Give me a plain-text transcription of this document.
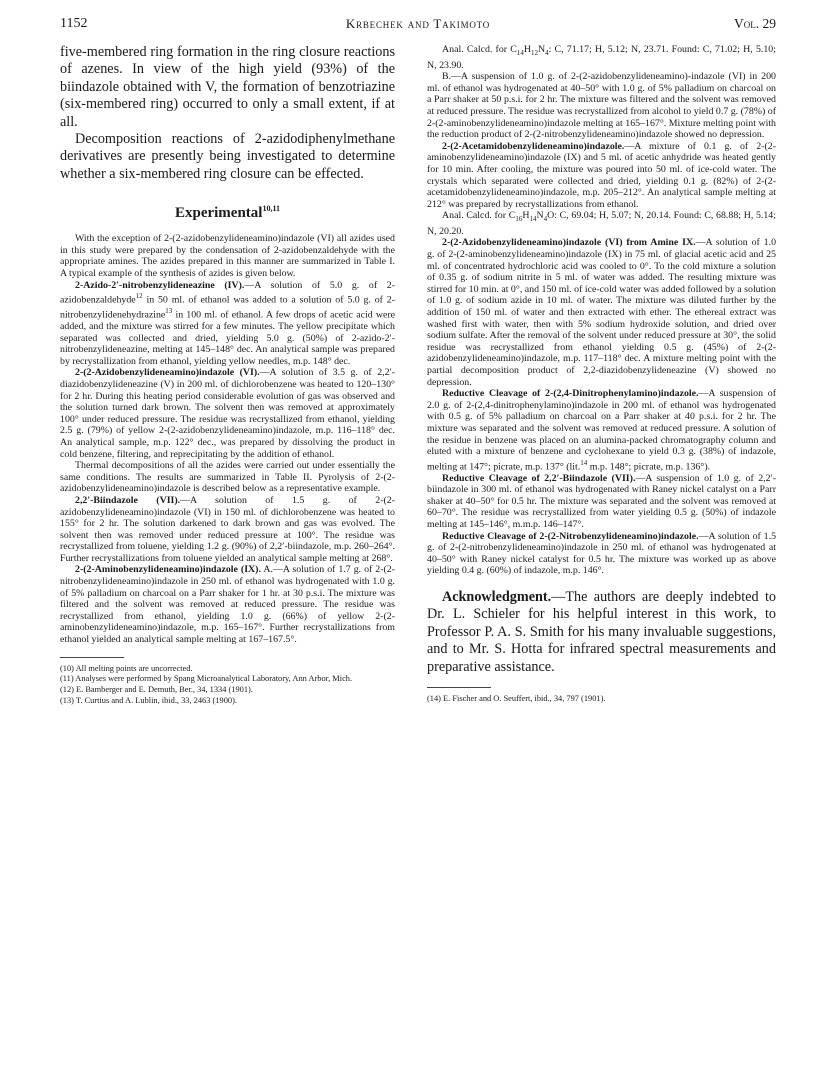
1152	Krbechek and Takimoto	Vol. 29

five-membered ring formation in the ring closure reactions of azenes. In view of the high yield (93%) of the biindazole obtained with V, the formation of benzotriazine (six-membered ring) occurred to only a small extent, if at all.

Decomposition reactions of 2-azidodiphenylmethane derivatives are presently being investigated to determine whether a six-membered ring closure can be effected.

Experimental$^{10,11}$

With the exception of 2-(2-azidobenzylideneamino)indazole (VI) all azides used in this study were prepared by the condensation of 2-azidobenzaldehyde with the appropriate amines. The azides prepared in this manner are summarized in Table I. A typical example of the synthesis of azides is given below.

2-Azido-2′-nitrobenzylideneazine (IV).—A solution of 5.0 g. of 2-azidobenzaldehyde$^{12}$ in 50 ml. of ethanol was added to a solution of 5.0 g. of 2-nitrobenzylidenehydrazine$^{13}$ in 100 ml. of ethanol. A few drops of acetic acid were added, and the mixture was stirred for a few minutes. The yellow precipitate which separated was collected and dried, yielding 5.0 g. (50%) of 2-azido-2′-nitrobenzylideneazine, melting at 145–148° dec. An analytical sample was prepared by recrystallization from ethanol, yielding yellow needles, m.p. 148° dec.

2-(2-Azidobenzylideneamino)indazole (VI).—A solution of 3.5 g. of 2,2′-diazidobenzylideneazine (V) in 200 ml. of dichlorobenzene was heated to 120–130° for 2 hr. During this heating period considerable evolution of gas was observed and the solution turned dark brown. The solvent then was removed at approximately 100° under reduced pressure. The residue was recrystallized from ethanol, yielding 2.5 g. (79%) of yellow 2-(2-azidobenzylideneamino)indazole, m.p. 116–118° dec. An analytical sample, m.p. 122° dec., was prepared by dissolving the product in cold benzene, filtering, and reprecipitating by the addition of ethanol.

Thermal decompositions of all the azides were carried out under essentially the same conditions. The results are summarized in Table II. Pyrolysis of 2-(2-azidobenzylideneamino)indazole is described below as a representative example.

2,2′-Biindazole (VII).—A solution of 1.5 g. of 2-(2-azidobenzylideneamino)indazole (VI) in 150 ml. of dichlorobenzene was heated to 155° for 2 hr. The solution darkened to dark brown and gas was evolved. The solvent then was removed under reduced pressure at 100°. The residue was recrystallized from toluene, yielding 1.2 g. (90%) of 2,2′-biindazole, m.p. 260–264°. Further recrystallizations from toluene yielded an analytical sample melting at 268°.

2-(2-Aminobenzylideneamino)indazole (IX). A.—A solution of 1.7 g. of 2-(2-nitrobenzylideneamino)indazole in 250 ml. of ethanol was hydrogenated with 1.0 g. of 5% palladium on charcoal on a Parr shaker for 1 hr. at 30 p.s.i. The mixture was filtered and the solvent was removed at reduced pressure. The residue was recrystallized from ethanol, yielding 1.0 g. (66%) of yellow 2-(2-aminobenzylideneamino)indazole, m.p. 165–167°. Further recrystallizations from ethanol yielded an analytical sample melting at 167–167.5°.

(10) All melting points are uncorrected.
(11) Analyses were performed by Spang Microanalytical Laboratory, Ann Arbor, Mich.
(12) E. Bamberger and E. Demuth, Ber., 34, 1334 (1901).
(13) T. Curtius and A. Lublin, ibid., 33, 2463 (1900).

Anal. Calcd. for $C_{14}H_{12}N_4$: C, 71.17; H, 5.12; N, 23.71. Found: C, 71.02; H, 5.10; N, 23.90.

B.—A suspension of 1.0 g. of 2-(2-azidobenzylideneamino)-indazole (VI) in 200 ml. of ethanol was hydrogenated at 40–50° with 1.0 g. of 5% palladium on charcoal on a Parr shaker at 50 p.s.i. for 2 hr. The mixture was filtered and the solvent was removed at reduced pressure. The residue was recrystallized from alcohol to yield 0.7 g. (78%) of 2-(2-aminobenzylideneamino)indazole melting at 165–167°. Mixture melting point with the reduction product of 2-(2-nitrobenzylideneamino)indazole showed no depression.

2-(2-Acetamidobenzylideneamino)indazole.—A mixture of 0.1 g. of 2-(2-aminobenzylideneamino)indazole (IX) and 5 ml. of acetic anhydride was heated gently for 10 min. After cooling, the mixture was poured into 50 ml. of ice-cold water. The crystals which separated were collected and dried, yielding 0.1 g. (82%) of 2-(2-acetamidobenzylideneamino)indazole, m.p. 205–212°. An analytical sample melting at 212° was prepared by recrystallizations from ethanol.

Anal. Calcd. for $C_{16}H_{14}N_4O$: C, 69.04; H, 5.07; N, 20.14. Found: C, 68.88; H, 5.14; N, 20.20.

2-(2-Azidobenzylideneamino)indazole (VI) from Amine IX.—A solution of 1.0 g. of 2-(2-aminobenzylideneamino)indazole (IX) in 75 ml. of glacial acetic acid and 25 ml. of concentrated hydrochloric acid was cooled to 0°. To the cold mixture a solution of 0.35 g. of sodium nitrite in 5 ml. of water was added. The resulting mixture was stirred for 10 min. at 0°, and 150 ml. of ice-cold water was added followed by a solution of 1.0 g. of sodium azide in 10 ml. of water. The mixture was diluted further by the addition of 150 ml. of water and then extracted with ether. The ethereal extract was washed first with water, then with 5% sodium hydroxide solution, and dried over sodium sulfate. After the removal of the solvent under reduced pressure at 30°, the solid residue was recrystallized from ethanol yielding 0.5 g. (45%) of 2-(2-azidobenzylideneamino)indazole, m.p. 117–118° dec. A mixture melting point with the partial decomposition product of 2,2-diazidobenzylideneazine (V) showed no depression.

Reductive Cleavage of 2-(2,4-Dinitrophenylamino)indazole.—A suspension of 2.0 g. of 2-(2,4-dinitrophenylamino)indazole in 200 ml. of ethanol was hydrogenated with 0.5 g. of 5% palladium on charcoal on a Parr shaker at 40 p.s.i. for 2 hr. The mixture was separated and the solvent was removed at reduced pressure. A solution of the residue in benzene was placed on an alumina-packed chromatography column and eluted with a mixture of benzene and cyclohexane to yield 0.3 g. (38%) of indazole, melting at 147°; picrate, m.p. 137° (lit.$^{14}$ m.p. 148°; picrate, m.p. 136°).

Reductive Cleavage of 2,2′-Biindazole (VII).—A suspension of 1.0 g. of 2,2′-biindazole in 300 ml. of ethanol was hydrogenated with Raney nickel catalyst on a Parr shaker at 40–50° for 0.5 hr. The mixture was separated and the solvent was removed at 60–70°. The residue was recrystallized from water yielding 0.5 g. (50%) of indazole melting at 145–146°, m.m.p. 146–147°.

Reductive Cleavage of 2-(2-Nitrobenzylideneamino)indazole.—A solution of 1.5 g. of 2-(2-nitrobenzylideneamino)indazole in 250 ml. of ethanol was hydrogenated at 40–50° with Raney nickel catalyst for 0.5 hr. The mixture was worked up as above yielding 0.4 g. (60%) of indazole, m.p. 146°.

Acknowledgment.—The authors are deeply indebted to Dr. L. Schieler for his helpful interest in this work, to Professor P. A. S. Smith for his many invaluable suggestions, and to Mr. S. Hotta for infrared spectral measurements and preparative assistance.

(14) E. Fischer and O. Seuffert, ibid., 34, 797 (1901).
